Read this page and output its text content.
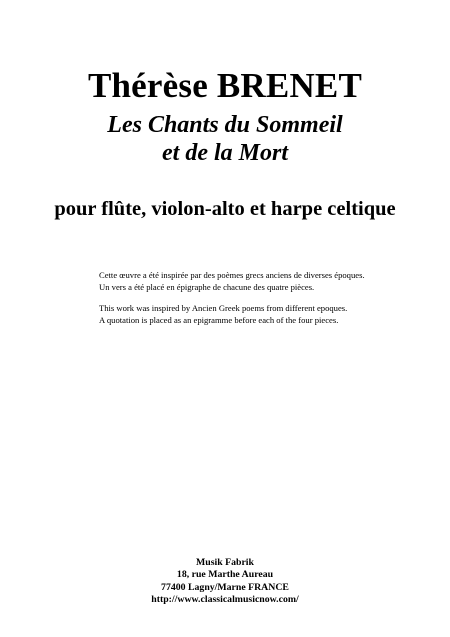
Thérèse BRENET
Les Chants du Sommeil
et de la Mort
pour flûte, violon-alto et harpe celtique
Cette œuvre a été inspirée par des poèmes grecs anciens de diverses époques.
Un vers a été placé en épigraphe de chacune des quatre pièces.
This work was inspired by Ancien Greek poems from different epoques.
A quotation is placed as an epigramme before each of the four pieces.
Musik Fabrik
18, rue Marthe Aureau
77400 Lagny/Marne FRANCE
http://www.classicalmusicnow.com/
